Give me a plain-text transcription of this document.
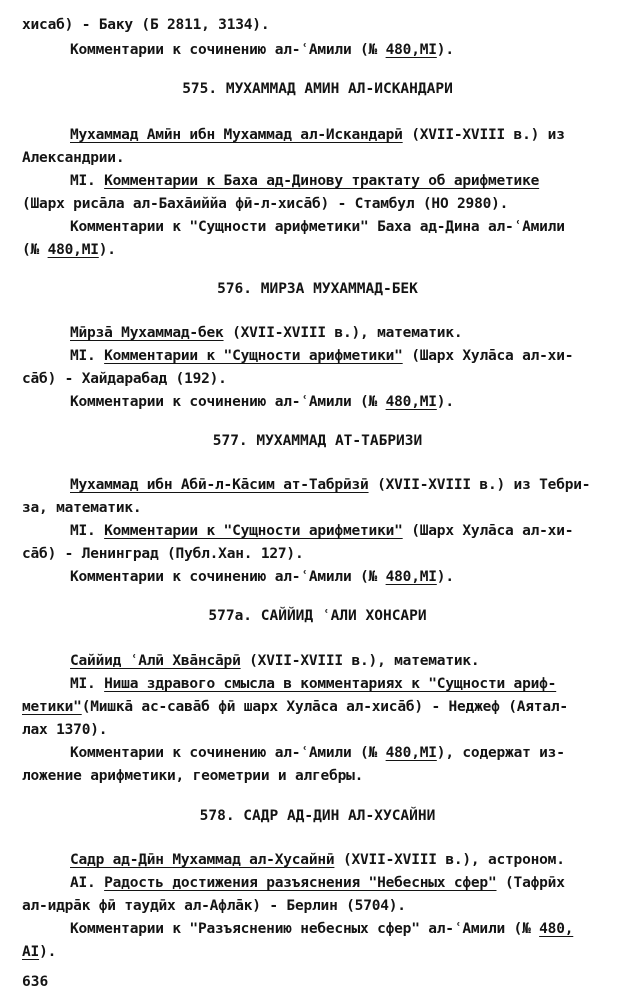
хисаб) - Баку (Б 2811, 3134).
Комментарии к сочинению ал-ʿАмили (№ 480,MI).
575. МУХАММАД АМИН АЛ-ИСКАНДАРИ
Мухаммад Амӣн ибн Мухаммад ал-Искандарӣ (XVII-XVIII в.) из
Александрии.
MI. Комментарии к Баха ад-Динову трактату об арифметике
(Шарх рисāла ал-Бахāиййа фӣ-л-хисāб) - Стамбул (НО 2980).
Комментарии к "Сущности арифметики" Баха ад-Дина ал-ʿАмили
(№ 480,MI).
576. МИРЗА МУХАММАД-БЕК
Мӣрзā Мухаммад-бек (XVII-XVIII в.), математик.
MI. Комментарии к "Сущности арифметики" (Шарх Хулāса ал-хи-
сāб) - Хайдарабад (192).
Комментарии к сочинению ал-ʿАмили (№ 480,MI).
577. МУХАММАД АТ-ТАБРИЗИ
Мухаммад ибн Абӣ-л-Кāсим ат-Табрӣзӣ (XVII-XVIII в.) из Тебри-
за, математик.
MI. Комментарии к "Сущности арифметики" (Шарх Хулāса ал-хи-
сāб) - Ленинград (Публ.Хан. 127).
Комментарии к сочинению ал-ʿАмили (№ 480,MI).
577а. САЙЙИД ʿАЛИ ХОНСАРИ
Саййид ʿАлӣ Хвāнсāрӣ (XVII-XVIII в.), математик.
MI. Ниша здравого смысла в комментариях к "Сущности ариф-
метики"(Мишкā ас-савāб фӣ шарх Хулāса ал-хисāб) - Неджеф (Аятал-
лах 1370).
Комментарии к сочинению ал-ʿАмили (№ 480,MI), содержат из-
ложение арифметики, геометрии и алгебры.
578. САДР АД-ДИН АЛ-ХУСАЙНИ
Садр ад-Дӣн Мухаммад ал-Хусайнӣ (XVII-XVIII в.), астроном.
AI. Радость достижения разъяснения "Небесных сфер" (Тафрӣх
ал-идрāк фӣ таудӣх ал-Афлāк) - Берлин (5704).
Комментарии к "Разъяснению небесных сфер" ал-ʿАмили (№ 480,
AI).
636
